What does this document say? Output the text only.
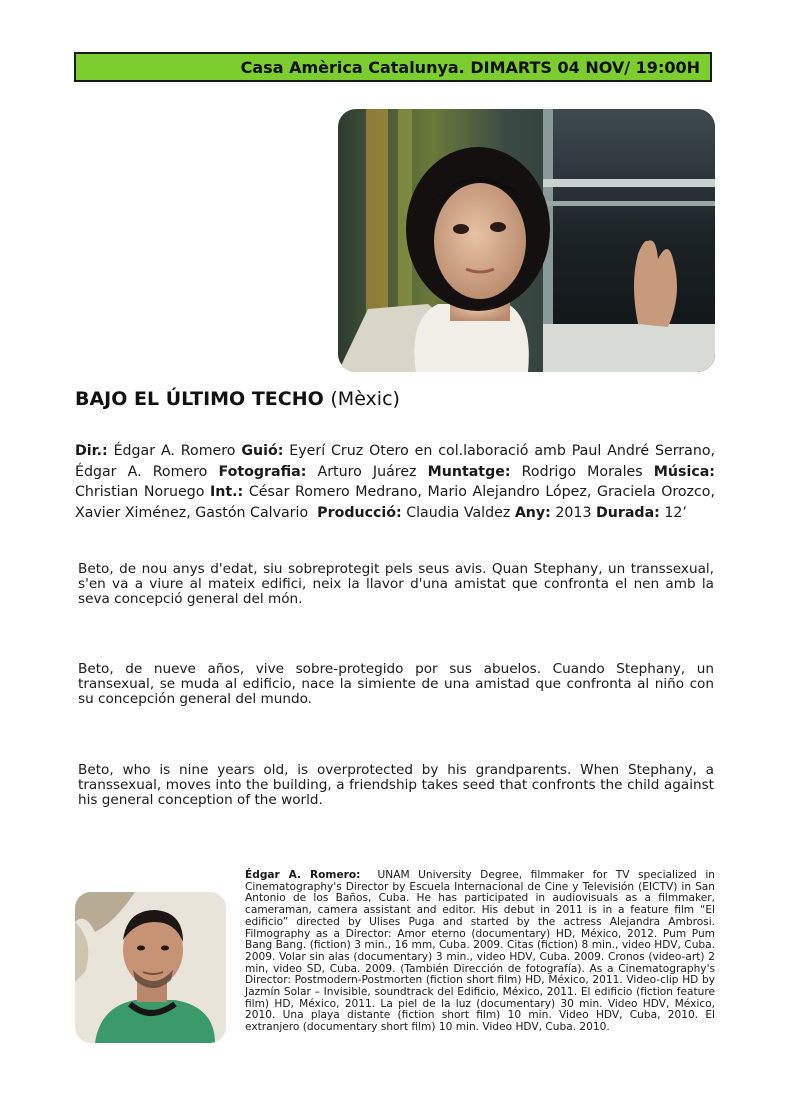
Casa Amèrica Catalunya. DIMARTS 04 NOV/ 19:00H
BAJO EL ÚLTIMO TECHO (Mèxic)
Dir.: Édgar A. Romero Guió: Eyerí Cruz Otero en col.laboració amb Paul André Serrano, Édgar A. Romero Fotografia: Arturo Juárez Muntatge: Rodrigo Morales Música: Christian Noruego Int.: César Romero Medrano, Mario Alejandro López, Graciela Orozco, Xavier Ximénez, Gastón Calvario Producció: Claudia Valdez Any: 2013 Durada: 12’

Beto, de nou anys d'edat, siu sobreprotegit pels seus avis. Quan Stephany, un transsexual, s'en va a viure al mateix edifici, neix la llavor d'una amistat que confronta el nen amb la seva concepció general del món.

Beto, de nueve años, vive sobre-protegido por sus abuelos. Cuando Stephany, un transexual, se muda al edificio, nace la simiente de una amistad que confronta al niño con su concepción general del mundo.

Beto, who is nine years old, is overprotected by his grandparents. When Stephany, a transsexual, moves into the building, a friendship takes seed that confronts the child against his general conception of the world.

Édgar A. Romero: UNAM University Degree, filmmaker for TV specialized in Cinematography's Director by Escuela Internacional de Cine y Televisión (EICTV) in San Antonio de los Baños, Cuba. He has participated in audiovisuals as a filmmaker, cameraman, camera assistant and editor. His debut in 2011 is in a feature film “El edificio” directed by Ulises Puga and started by the actress Alejandra Ambrosi. Filmography as a Director: Amor eterno (documentary) HD, México, 2012. Pum Pum Bang Bang. (fiction) 3 min., 16 mm, Cuba. 2009. Citas (fiction) 8 min., video HDV, Cuba. 2009. Volar sin alas (documentary) 3 min., video HDV, Cuba. 2009. Cronos (video-art) 2 min, video SD, Cuba. 2009. (También Dirección de fotografía). As a Cinematography's Director: Postmodern-Postmorten (fiction short film) HD, México, 2011. Video-clip HD by Jazmín Solar – Invisible, soundtrack del Edificio, México, 2011. El edificio (fiction feature film) HD, México, 2011. La piel de la luz (documentary) 30 min. Video HDV, México, 2010. Una playa distante (fiction short film) 10 min. Video HDV, Cuba, 2010. El extranjero (documentary short film) 10 min. Video HDV, Cuba. 2010.
